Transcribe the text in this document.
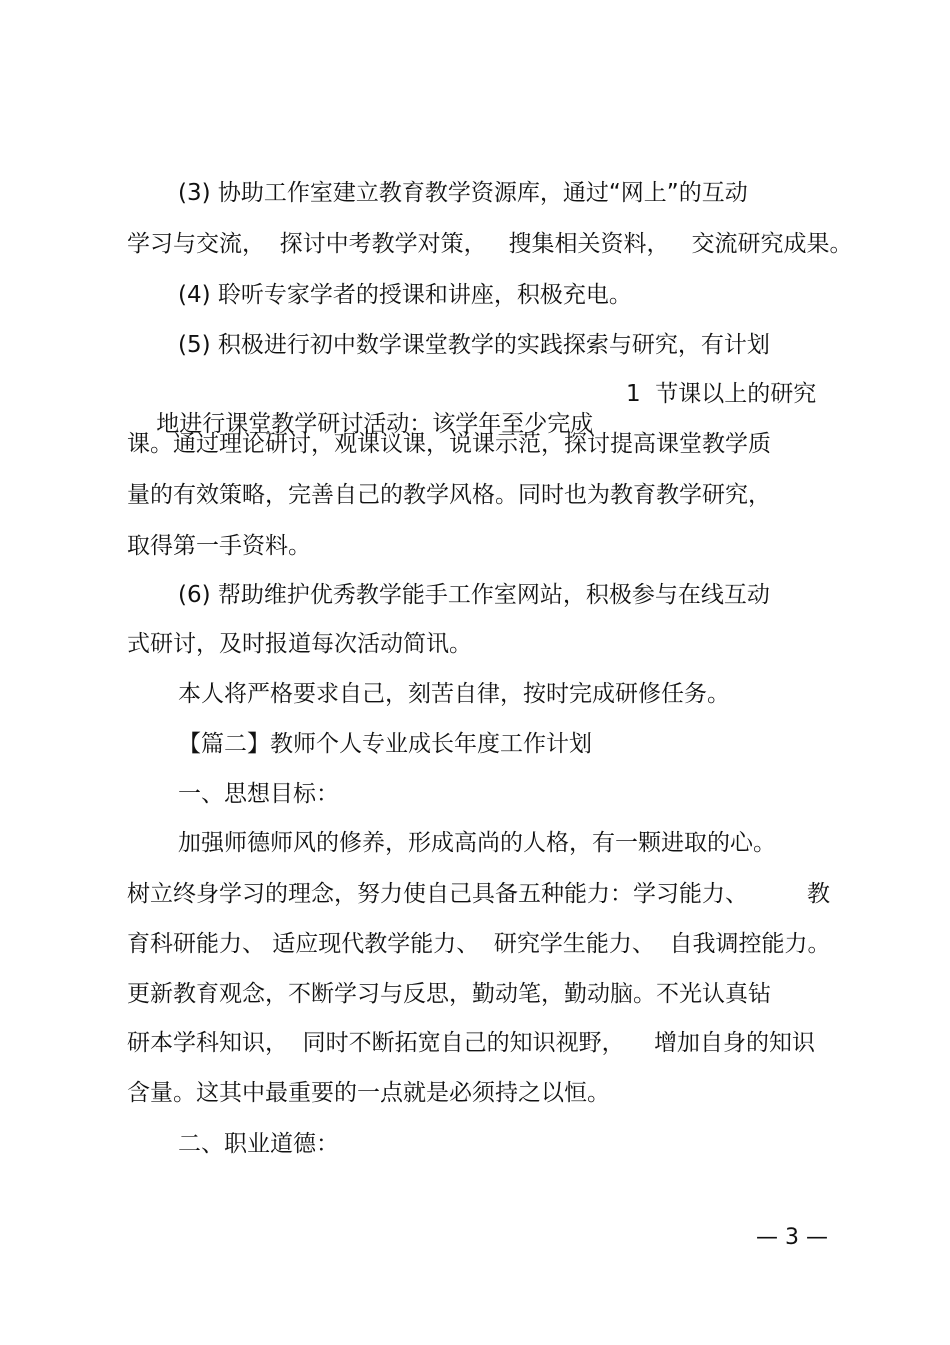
(3) 协助工作室建立教育教学资源库，通过“网上”的互动
学习与交流，  探讨中考教学对策，   搜集相关资料，   交流研究成果。
(4) 聆听专家学者的授课和讲座，积极充电。
(5) 积极进行初中数学课堂教学的实践探索与研究，有计划

地进行课堂教学研讨活动：该学年至少完成

1  节课以上的研究
课。通过理论研讨，观课议课，说课示范，探讨提高课堂教学质
量的有效策略，完善自己的教学风格。同时也为教育教学研究，
取得第一手资料。
(6) 帮助维护优秀教学能手工作室网站，积极参与在线互动
式研讨，及时报道每次活动简讯。
本人将严格要求自己，刻苦自律，按时完成研修任务。
【篇二】教师个人专业成长年度工作计划
一、思想目标：
加强师德师风的修养，形成高尚的人格，有一颗进取的心。
树立终身学习的理念，努力使自己具备五种能力：学习能力、	教
育科研能力、 适应现代教学能力、  研究学生能力、  自我调控能力。
更新教育观念，不断学习与反思，勤动笔，勤动脑。不光认真钻
研本学科知识，  同时不断拓宽自己的知识视野， 增加自身的知识
含量。这其中最重要的一点就是必须持之以恒。
二、职业道德：
— 3 —
